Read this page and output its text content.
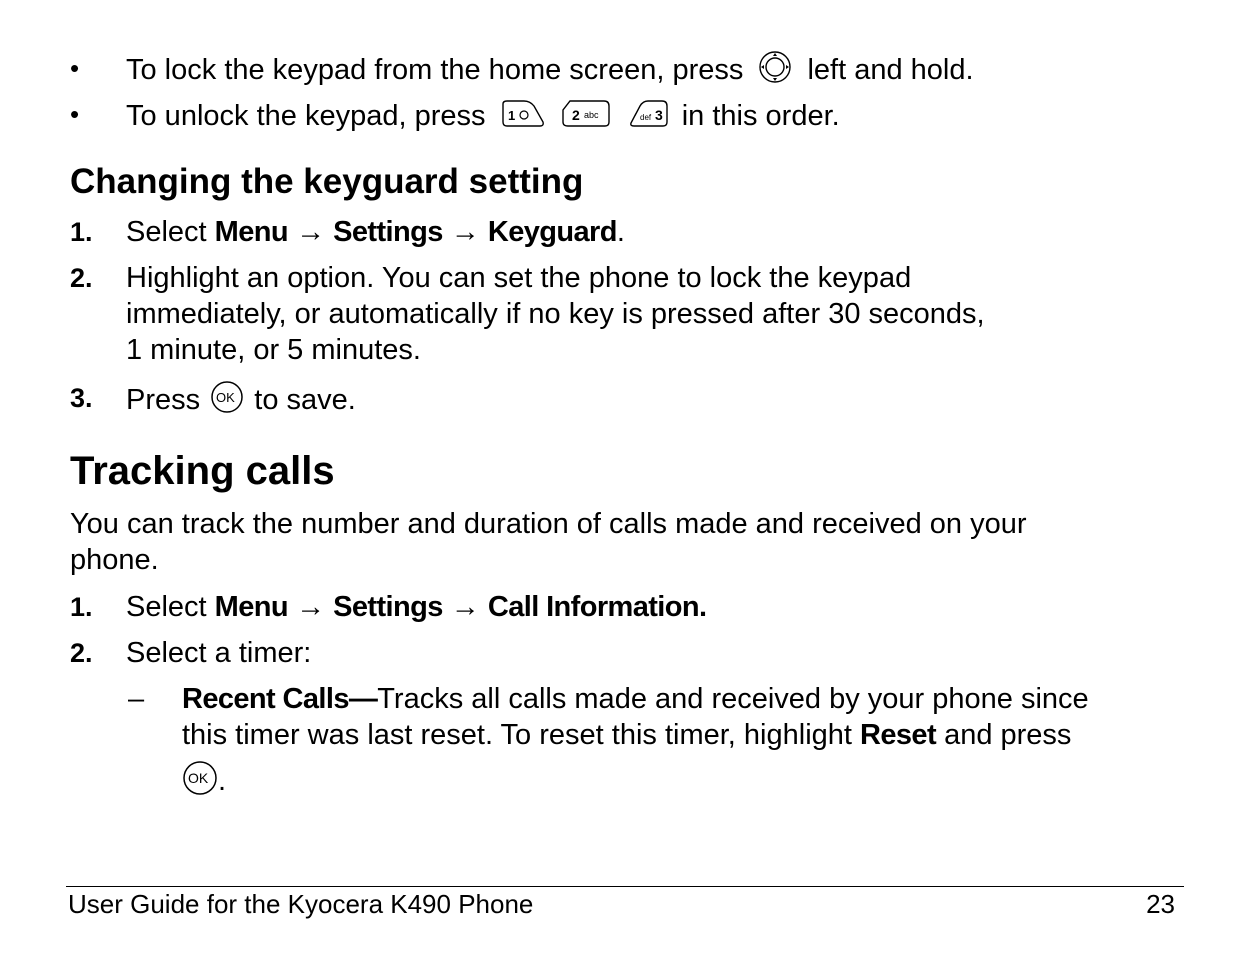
• To lock the keypad from the home screen, press left and hold.
• To unlock the keypad, press 1
	2 abc
	def 3 in this order.
Changing the keyguard setting
1. Select Menu → Settings → Keyguard.
2. Highlight an option. You can set the phone to lock the keypad
immediately, or automatically if no key is pressed after 30 seconds,
1 minute, or 5 minutes.
3. Press OK to save.
Tracking calls
You can track the number and duration of calls made and received on your
phone.
1. Select Menu → Settings → Call Information.
2. Select a timer:
– Recent Calls—Tracks all calls made and received by your phone since
this timer was last reset. To reset this timer, highlight Reset and press
OK .
User Guide for the Kyocera K490 Phone	23
